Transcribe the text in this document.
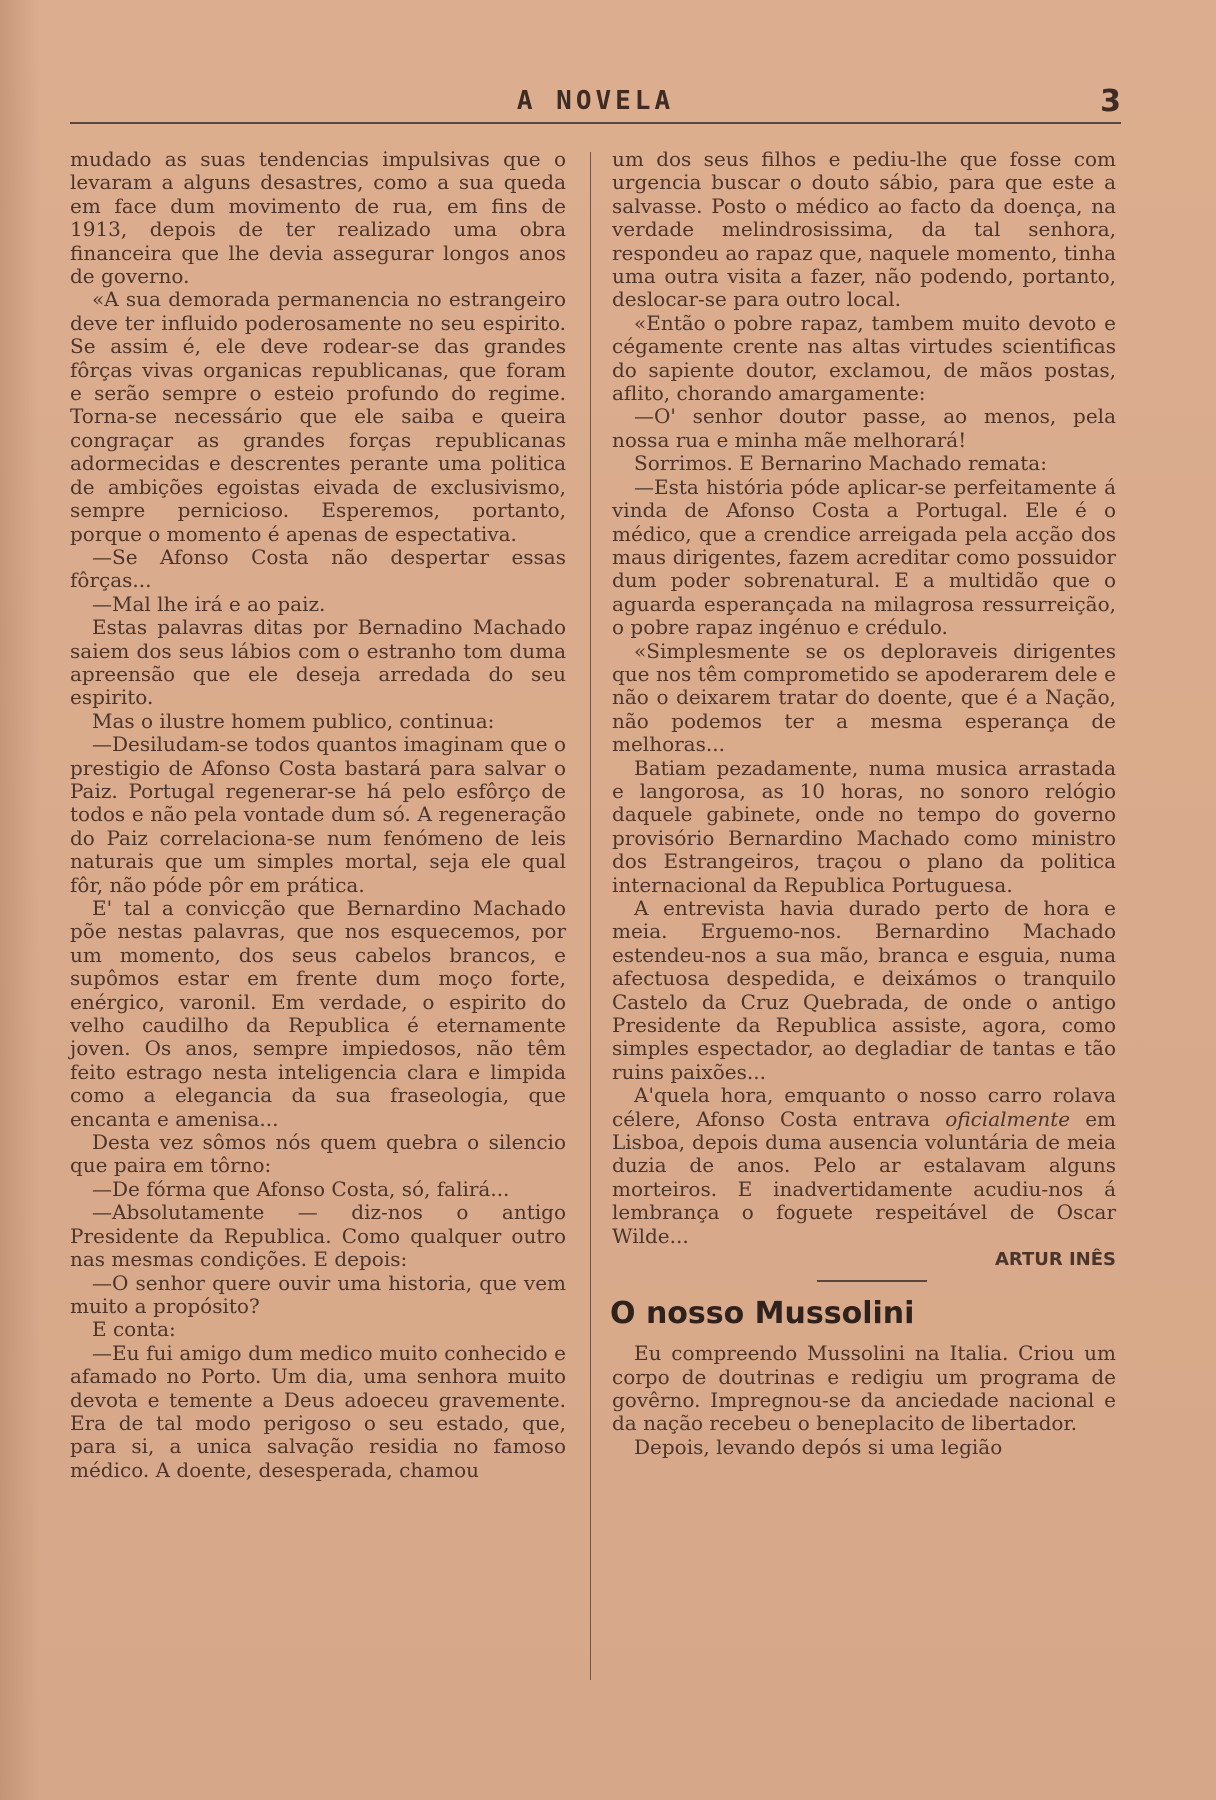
A NOVELA	3

mudado as suas tendencias impulsivas que o levaram a alguns desastres, como a sua queda em face dum movimento de rua, em fins de 1913, depois de ter realizado uma obra financeira que lhe devia assegurar longos anos de governo.

«A sua demorada permanencia no estrangeiro deve ter influido poderosamente no seu espirito. Se assim é, ele deve rodear-se das grandes fôrças vivas organicas republicanas, que foram e serão sempre o esteio profundo do regime. Torna-se necessário que ele saiba e queira congraçar as grandes forças republicanas adormecidas e descrentes perante uma politica de ambições egoistas eivada de exclusivismo, sempre pernicioso. Esperemos, portanto, porque o momento é apenas de espectativa.

—Se Afonso Costa não despertar essas fôrças...

—Mal lhe irá e ao paiz.

Estas palavras ditas por Bernadino Machado saiem dos seus lábios com o estranho tom duma apreensão que ele deseja arredada do seu espirito.

Mas o ilustre homem publico, continua:

—Desiludam-se todos quantos imaginam que o prestigio de Afonso Costa bastará para salvar o Paiz. Portugal regenerar-se há pelo esfôrço de todos e não pela vontade dum só. A regeneração do Paiz correlaciona-se num fenómeno de leis naturais que um simples mortal, seja ele qual fôr, não póde pôr em prática.

E' tal a convicção que Bernardino Machado põe nestas palavras, que nos esquecemos, por um momento, dos seus cabelos brancos, e supômos estar em frente dum moço forte, enérgico, varonil. Em verdade, o espirito do velho caudilho da Republica é eternamente joven. Os anos, sempre impiedosos, não têm feito estrago nesta inteligencia clara e limpida como a elegancia da sua fraseologia, que encanta e amenisa...

Desta vez sômos nós quem quebra o silencio que paira em tôrno:

—De fórma que Afonso Costa, só, falirá...

—Absolutamente — diz-nos o antigo Presidente da Republica. Como qualquer outro nas mesmas condições. E depois:

—O senhor quere ouvir uma historia, que vem muito a propósito?

E conta:

—Eu fui amigo dum medico muito conhecido e afamado no Porto. Um dia, uma senhora muito devota e temente a Deus adoeceu gravemente. Era de tal modo perigoso o seu estado, que, para si, a unica salvação residia no famoso médico. A doente, desesperada, chamou

um dos seus filhos e pediu-lhe que fosse com urgencia buscar o douto sábio, para que este a salvasse. Posto o médico ao facto da doença, na verdade melindrosissima, da tal senhora, respondeu ao rapaz que, naquele momento, tinha uma outra visita a fazer, não podendo, portanto, deslocar-se para outro local.

«Então o pobre rapaz, tambem muito devoto e cégamente crente nas altas virtudes scientificas do sapiente doutor, exclamou, de mãos postas, aflito, chorando amargamente:

—O' senhor doutor passe, ao menos, pela nossa rua e minha mãe melhorará!

Sorrimos. E Bernarino Machado remata:

—Esta história póde aplicar-se perfeitamente á vinda de Afonso Costa a Portugal. Ele é o médico, que a crendice arreigada pela acção dos maus dirigentes, fazem acreditar como possuidor dum poder sobrenatural. E a multidão que o aguarda esperançada na milagrosa ressurreição, o pobre rapaz ingénuo e crédulo.

«Simplesmente se os deploraveis dirigentes que nos têm comprometido se apoderarem dele e não o deixarem tratar do doente, que é a Nação, não podemos ter a mesma esperança de melhoras...

Batiam pezadamente, numa musica arrastada e langorosa, as 10 horas, no sonoro relógio daquele gabinete, onde no tempo do governo provisório Bernardino Machado como ministro dos Estrangeiros, traçou o plano da politica internacional da Republica Portuguesa.

A entrevista havia durado perto de hora e meia. Erguemo-nos. Bernardino Machado estendeu-nos a sua mão, branca e esguia, numa afectuosa despedida, e deixámos o tranquilo Castelo da Cruz Quebrada, de onde o antigo Presidente da Republica assiste, agora, como simples espectador, ao degladiar de tantas e tão ruins paixões...

A'quela hora, emquanto o nosso carro rolava célere, Afonso Costa entrava oficialmente em Lisboa, depois duma ausencia voluntária de meia duzia de anos. Pelo ar estalavam alguns morteiros. E inadvertidamente acudiu-nos á lembrança o foguete respeitável de Oscar Wilde...

ARTUR INÊS

O nosso Mussolini

Eu compreendo Mussolini na Italia. Criou um corpo de doutrinas e redigiu um programa de govêrno. Impregnou-se da anciedade nacional e da nação recebeu o beneplacito de libertador.

Depois, levando depós si uma legião
